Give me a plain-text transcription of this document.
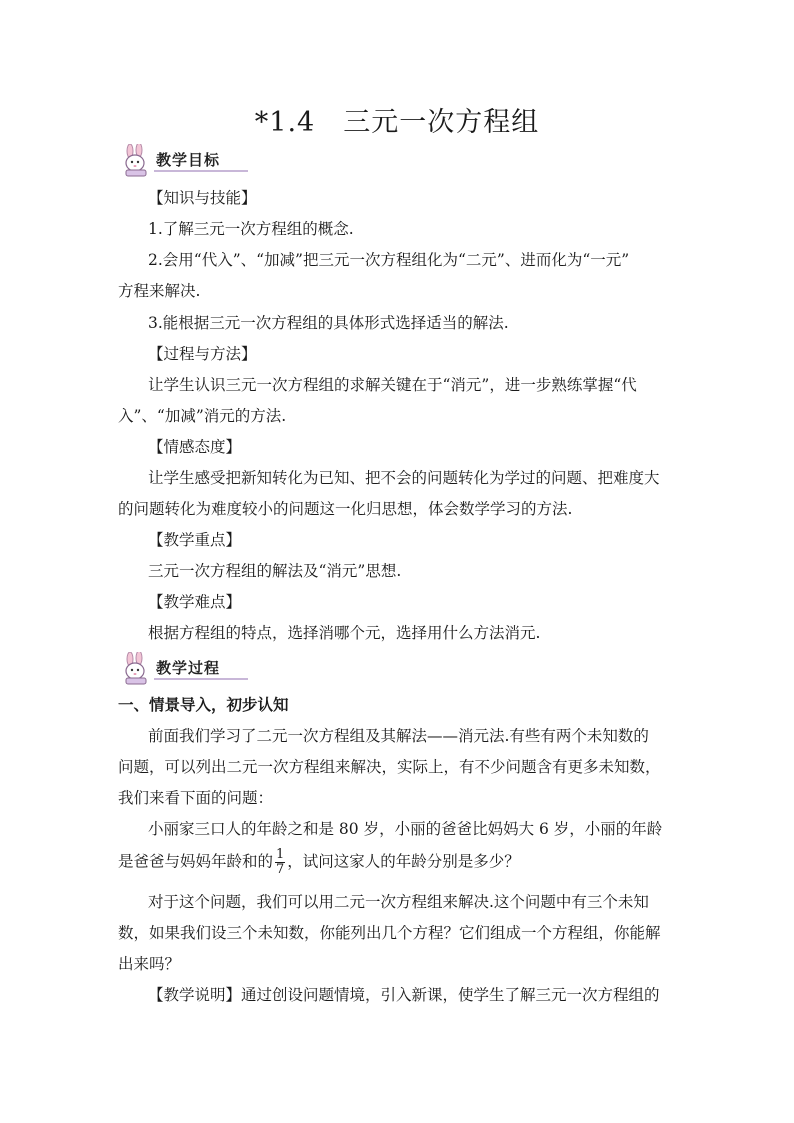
*1.4　三元一次方程组
教学目标
【知识与技能】
1.了解三元一次方程组的概念.
2.会用“代入”、“加减”把三元一次方程组化为“二元”、进而化为“一元”
方程来解决.
3.能根据三元一次方程组的具体形式选择适当的解法.
【过程与方法】
让学生认识三元一次方程组的求解关键在于“消元”，进一步熟练掌握“代
入”、“加减”消元的方法.
【情感态度】
让学生感受把新知转化为已知、把不会的问题转化为学过的问题、把难度大
的问题转化为难度较小的问题这一化归思想，体会数学学习的方法.
【教学重点】
三元一次方程组的解法及“消元”思想.
【教学难点】
根据方程组的特点，选择消哪个元，选择用什么方法消元.
教学过程
一、情景导入，初步认知
前面我们学习了二元一次方程组及其解法——消元法.有些有两个未知数的
问题，可以列出二元一次方程组来解决，实际上，有不少问题含有更多未知数，
我们来看下面的问题：
小丽家三口人的年龄之和是 80 岁，小丽的爸爸比妈妈大 6 岁，小丽的年龄
是爸爸与妈妈年龄和的 $\frac{1}{7}$ ，试问这家人的年龄分别是多少？
对于这个问题，我们可以用二元一次方程组来解决.这个问题中有三个未知
数，如果我们设三个未知数，你能列出几个方程？它们组成一个方程组，你能解
出来吗？
【教学说明】通过创设问题情境，引入新课，使学生了解三元一次方程组的
